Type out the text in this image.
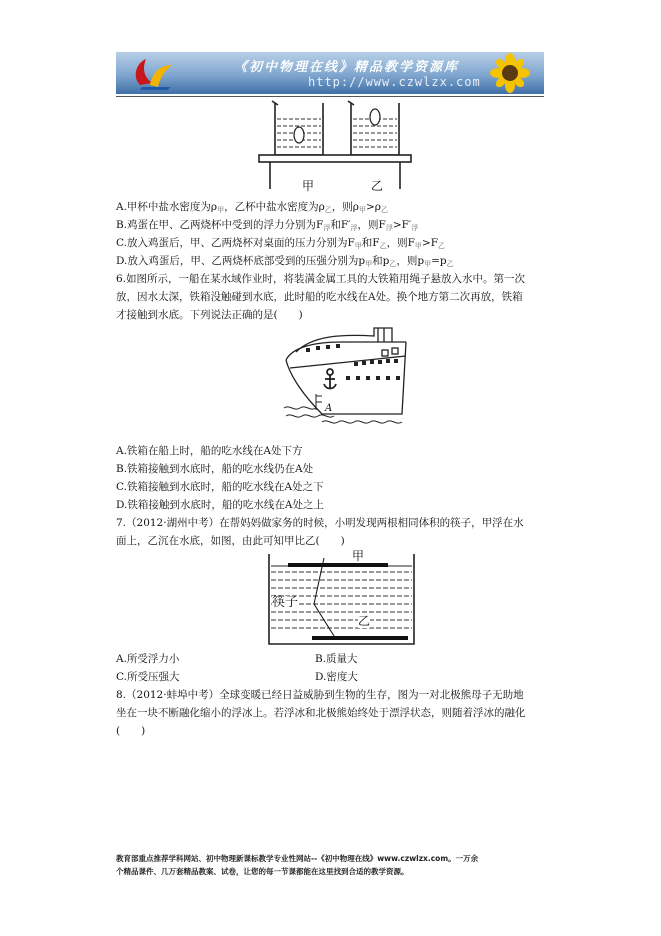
《初中物理在线》精品教学资源库
http://www.czwlzx.com
甲	乙
A.甲杯中盐水密度为$\rho_甲$，乙杯中盐水密度为$\rho_乙$，则$\rho_甲>\rho_乙$
B.鸡蛋在甲、乙两烧杯中受到的浮力分别为$F_浮$和$F'_浮$，则$F_浮>F'_浮$
C.放入鸡蛋后，甲、乙两烧杯对桌面的压力分别为$F_甲$和$F_乙$，则$F_甲>F_乙$
D.放入鸡蛋后，甲、乙两烧杯底部受到的压强分别为$p_甲$和$p_乙$，则$p_甲=p_乙$
6.如图所示，一船在某水域作业时，将装满金属工具的大铁箱用绳子悬放入水中。第一次
放，因水太深，铁箱没触碰到水底，此时船的吃水线在A处。换个地方第二次再放，铁箱
才接触到水底。下列说法正确的是(　　)
A
A.铁箱在船上时，船的吃水线在A处下方
B.铁箱接触到水底时，船的吃水线仍在A处
C.铁箱接触到水底时，船的吃水线在A处之下
D.铁箱接触到水底时，船的吃水线在A处之上
7.（2012·湖州中考）在帮妈妈做家务的时候，小明发现两根相同体积的筷子，甲浮在水
面上，乙沉在水底，如图，由此可知甲比乙(　　)
甲
筷子
乙
A.所受浮力小	B.质量大
C.所受压强大	D.密度大
8.（2012·蚌埠中考）全球变暖已经日益威胁到生物的生存，图为一对北极熊母子无助地
坐在一块不断融化缩小的浮冰上。若浮冰和北极熊始终处于漂浮状态，则随着浮冰的融化
(　　)
教育部重点推荐学科网站、初中物理新课标教学专业性网站--《初中物理在线》www.czwlzx.com。一万余
个精品课件、几万套精品教案、试卷，让您的每一节课都能在这里找到合适的教学资源。
